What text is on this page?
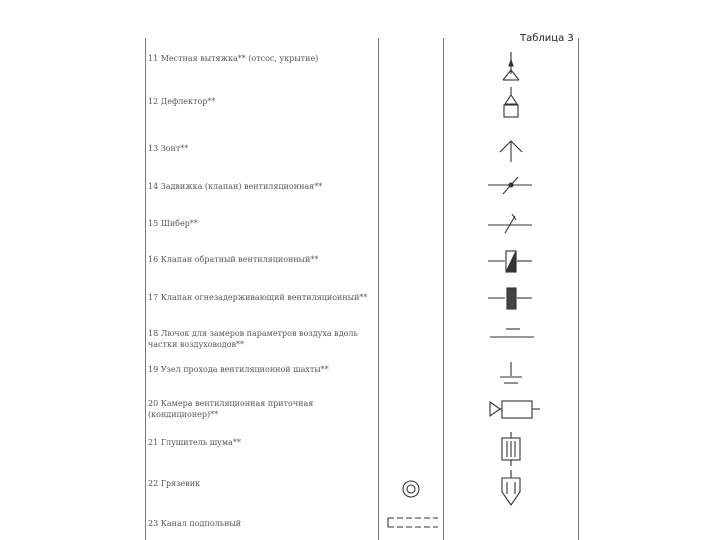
Таблица 3
11 Местная вытяжка** (отсос, укрытие)
12 Дефлектор**
13 Зонт**
14 Задвижка (клапан) вентиляционная**
15 Шибер**
16 Клапан обратный вентиляционный**
17 Клапан огнезадерживающий вентиляционный**
18 Лючок для замеров параметров воздуха вдоль частки воздуховодов**
19 Узел прохода вентиляционной шахты**
20 Камера вентиляционная приточная (кондиционер)**
21 Глушитель шума**
22 Грязевик
23 Канал подпольный
